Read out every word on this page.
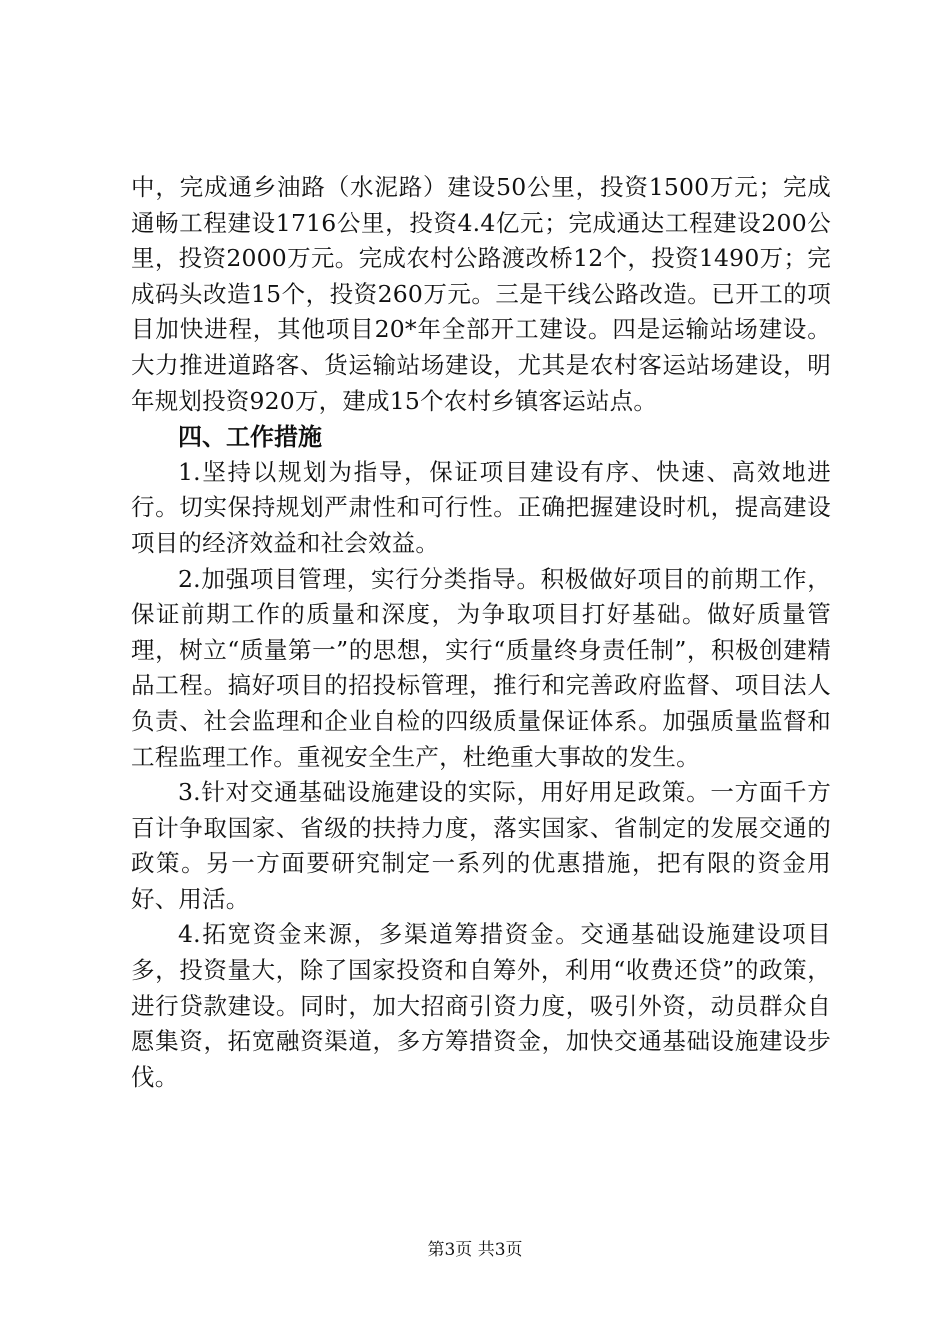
中，完成通乡油路（水泥路）建设50公里，投资1500万元；完成通畅工程建设1716公里，投资4.4亿元；完成通达工程建设200公里，投资2000万元。完成农村公路渡改桥12个，投资1490万；完成码头改造15个，投资260万元。三是干线公路改造。已开工的项目加快进程，其他项目20*年全部开工建设。四是运输站场建设。大力推进道路客、货运输站场建设，尤其是农村客运站场建设，明年规划投资920万，建成15个农村乡镇客运站点。

四、工作措施

1.坚持以规划为指导，保证项目建设有序、快速、高效地进行。切实保持规划严肃性和可行性。正确把握建设时机，提高建设项目的经济效益和社会效益。

2.加强项目管理，实行分类指导。积极做好项目的前期工作，保证前期工作的质量和深度，为争取项目打好基础。做好质量管理，树立“质量第一”的思想，实行“质量终身责任制”，积极创建精品工程。搞好项目的招投标管理，推行和完善政府监督、项目法人负责、社会监理和企业自检的四级质量保证体系。加强质量监督和工程监理工作。重视安全生产，杜绝重大事故的发生。

3.针对交通基础设施建设的实际，用好用足政策。一方面千方百计争取国家、省级的扶持力度，落实国家、省制定的发展交通的政策。另一方面要研究制定一系列的优惠措施，把有限的资金用好、用活。

4.拓宽资金来源，多渠道筹措资金。交通基础设施建设项目多，投资量大，除了国家投资和自筹外，利用“收费还贷”的政策，进行贷款建设。同时，加大招商引资力度，吸引外资，动员群众自愿集资，拓宽融资渠道，多方筹措资金，加快交通基础设施建设步伐。

第3页 共3页
